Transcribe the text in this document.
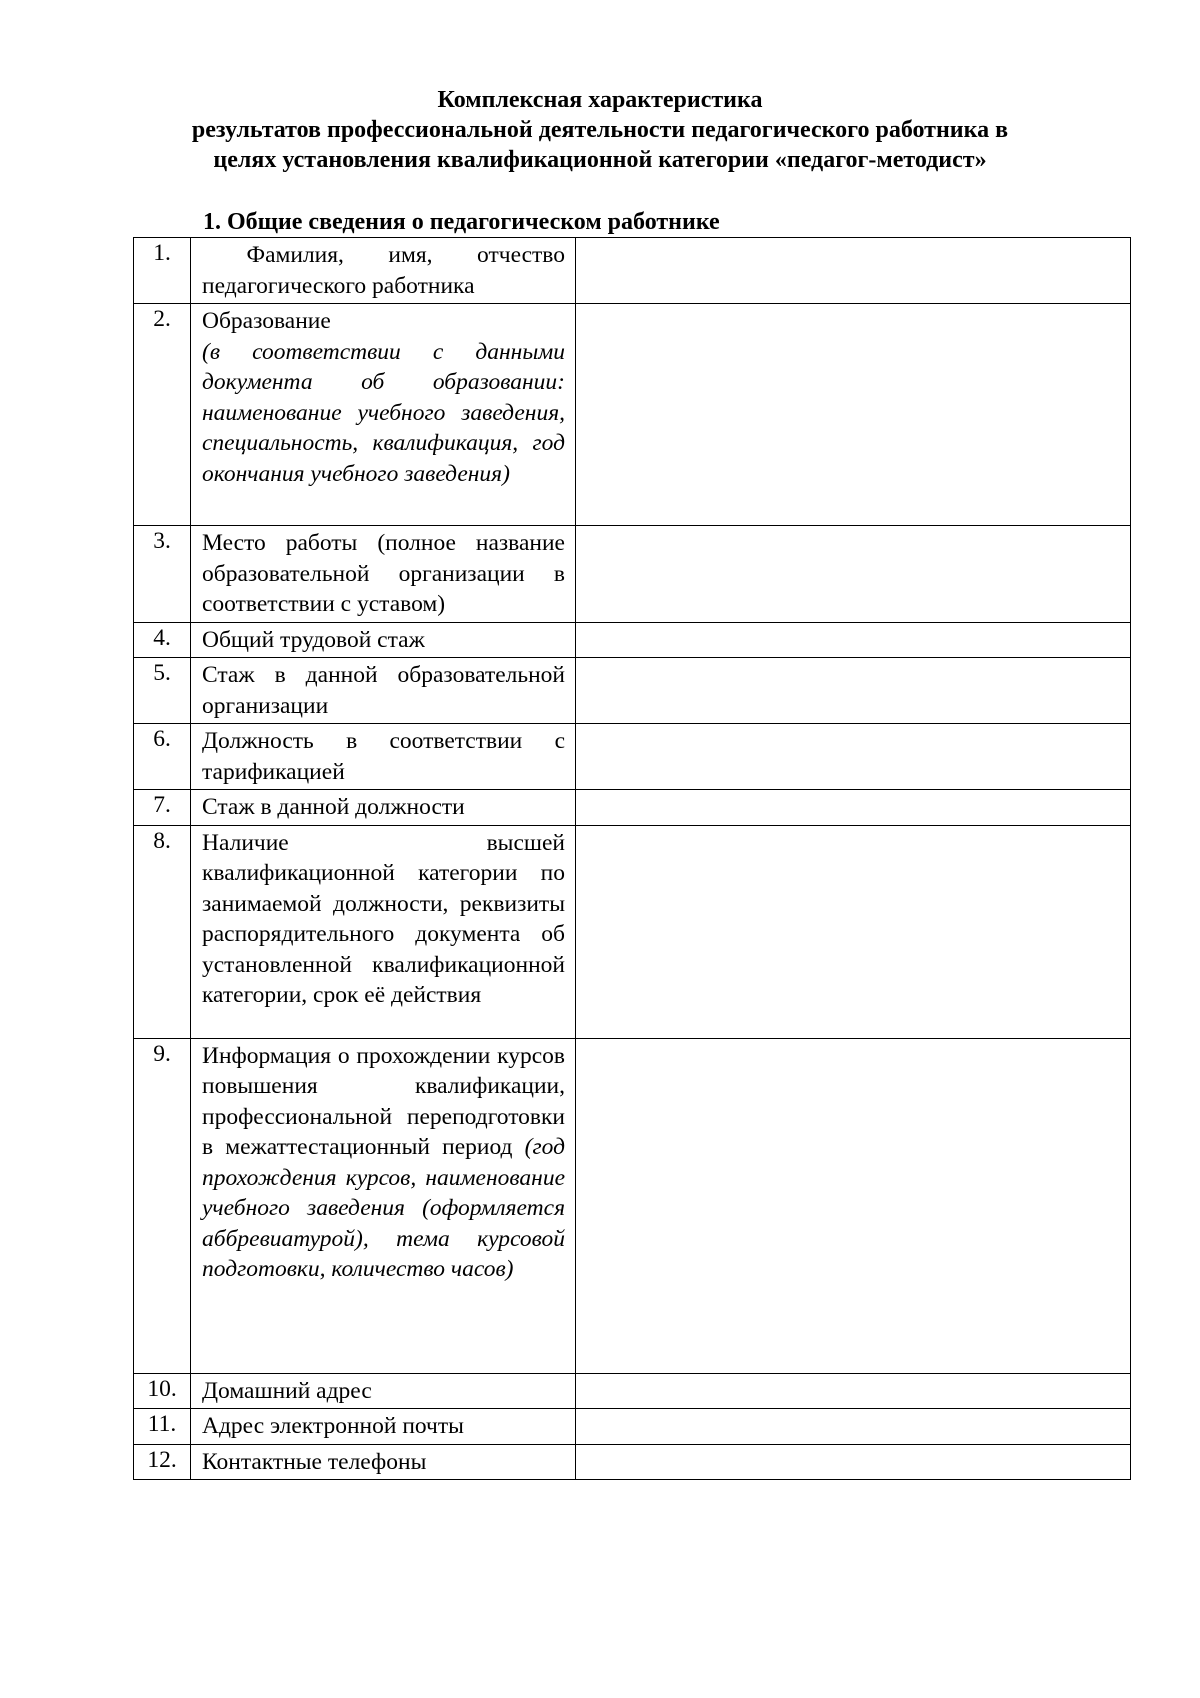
Комплексная характеристика
результатов профессиональной деятельности педагогического работника в
целях установления квалификационной категории «педагог-методист»
1. Общие сведения о педагогическом работнике
1.	Фамилия, имя, отчество педагогического работника	
2.	Образование
(в соответствии с данными документа об образовании: наименование учебного заведения, специальность, квалификация, год окончания учебного заведения)	
3.	Место работы (полное название образовательной организации в соответствии с уставом)	
4.	Общий трудовой стаж	
5.	Стаж в данной образовательной организации	
6.	Должность в соответствии с тарификацией	
7.	Стаж в данной должности	
8.	Наличие высшей квалификационной категории по занимаемой должности, реквизиты распорядительного документа об установленной квалификационной категории, срок её действия	
9.	Информация о прохождении курсов повышения квалификации, профессиональной переподготовки в межаттестационный период (год прохождения курсов, наименование учебного заведения (оформляется аббревиатурой), тема курсовой подготовки, количество часов)	
10.	Домашний адрес	
11.	Адрес электронной почты	
12.	Контактные телефоны	
